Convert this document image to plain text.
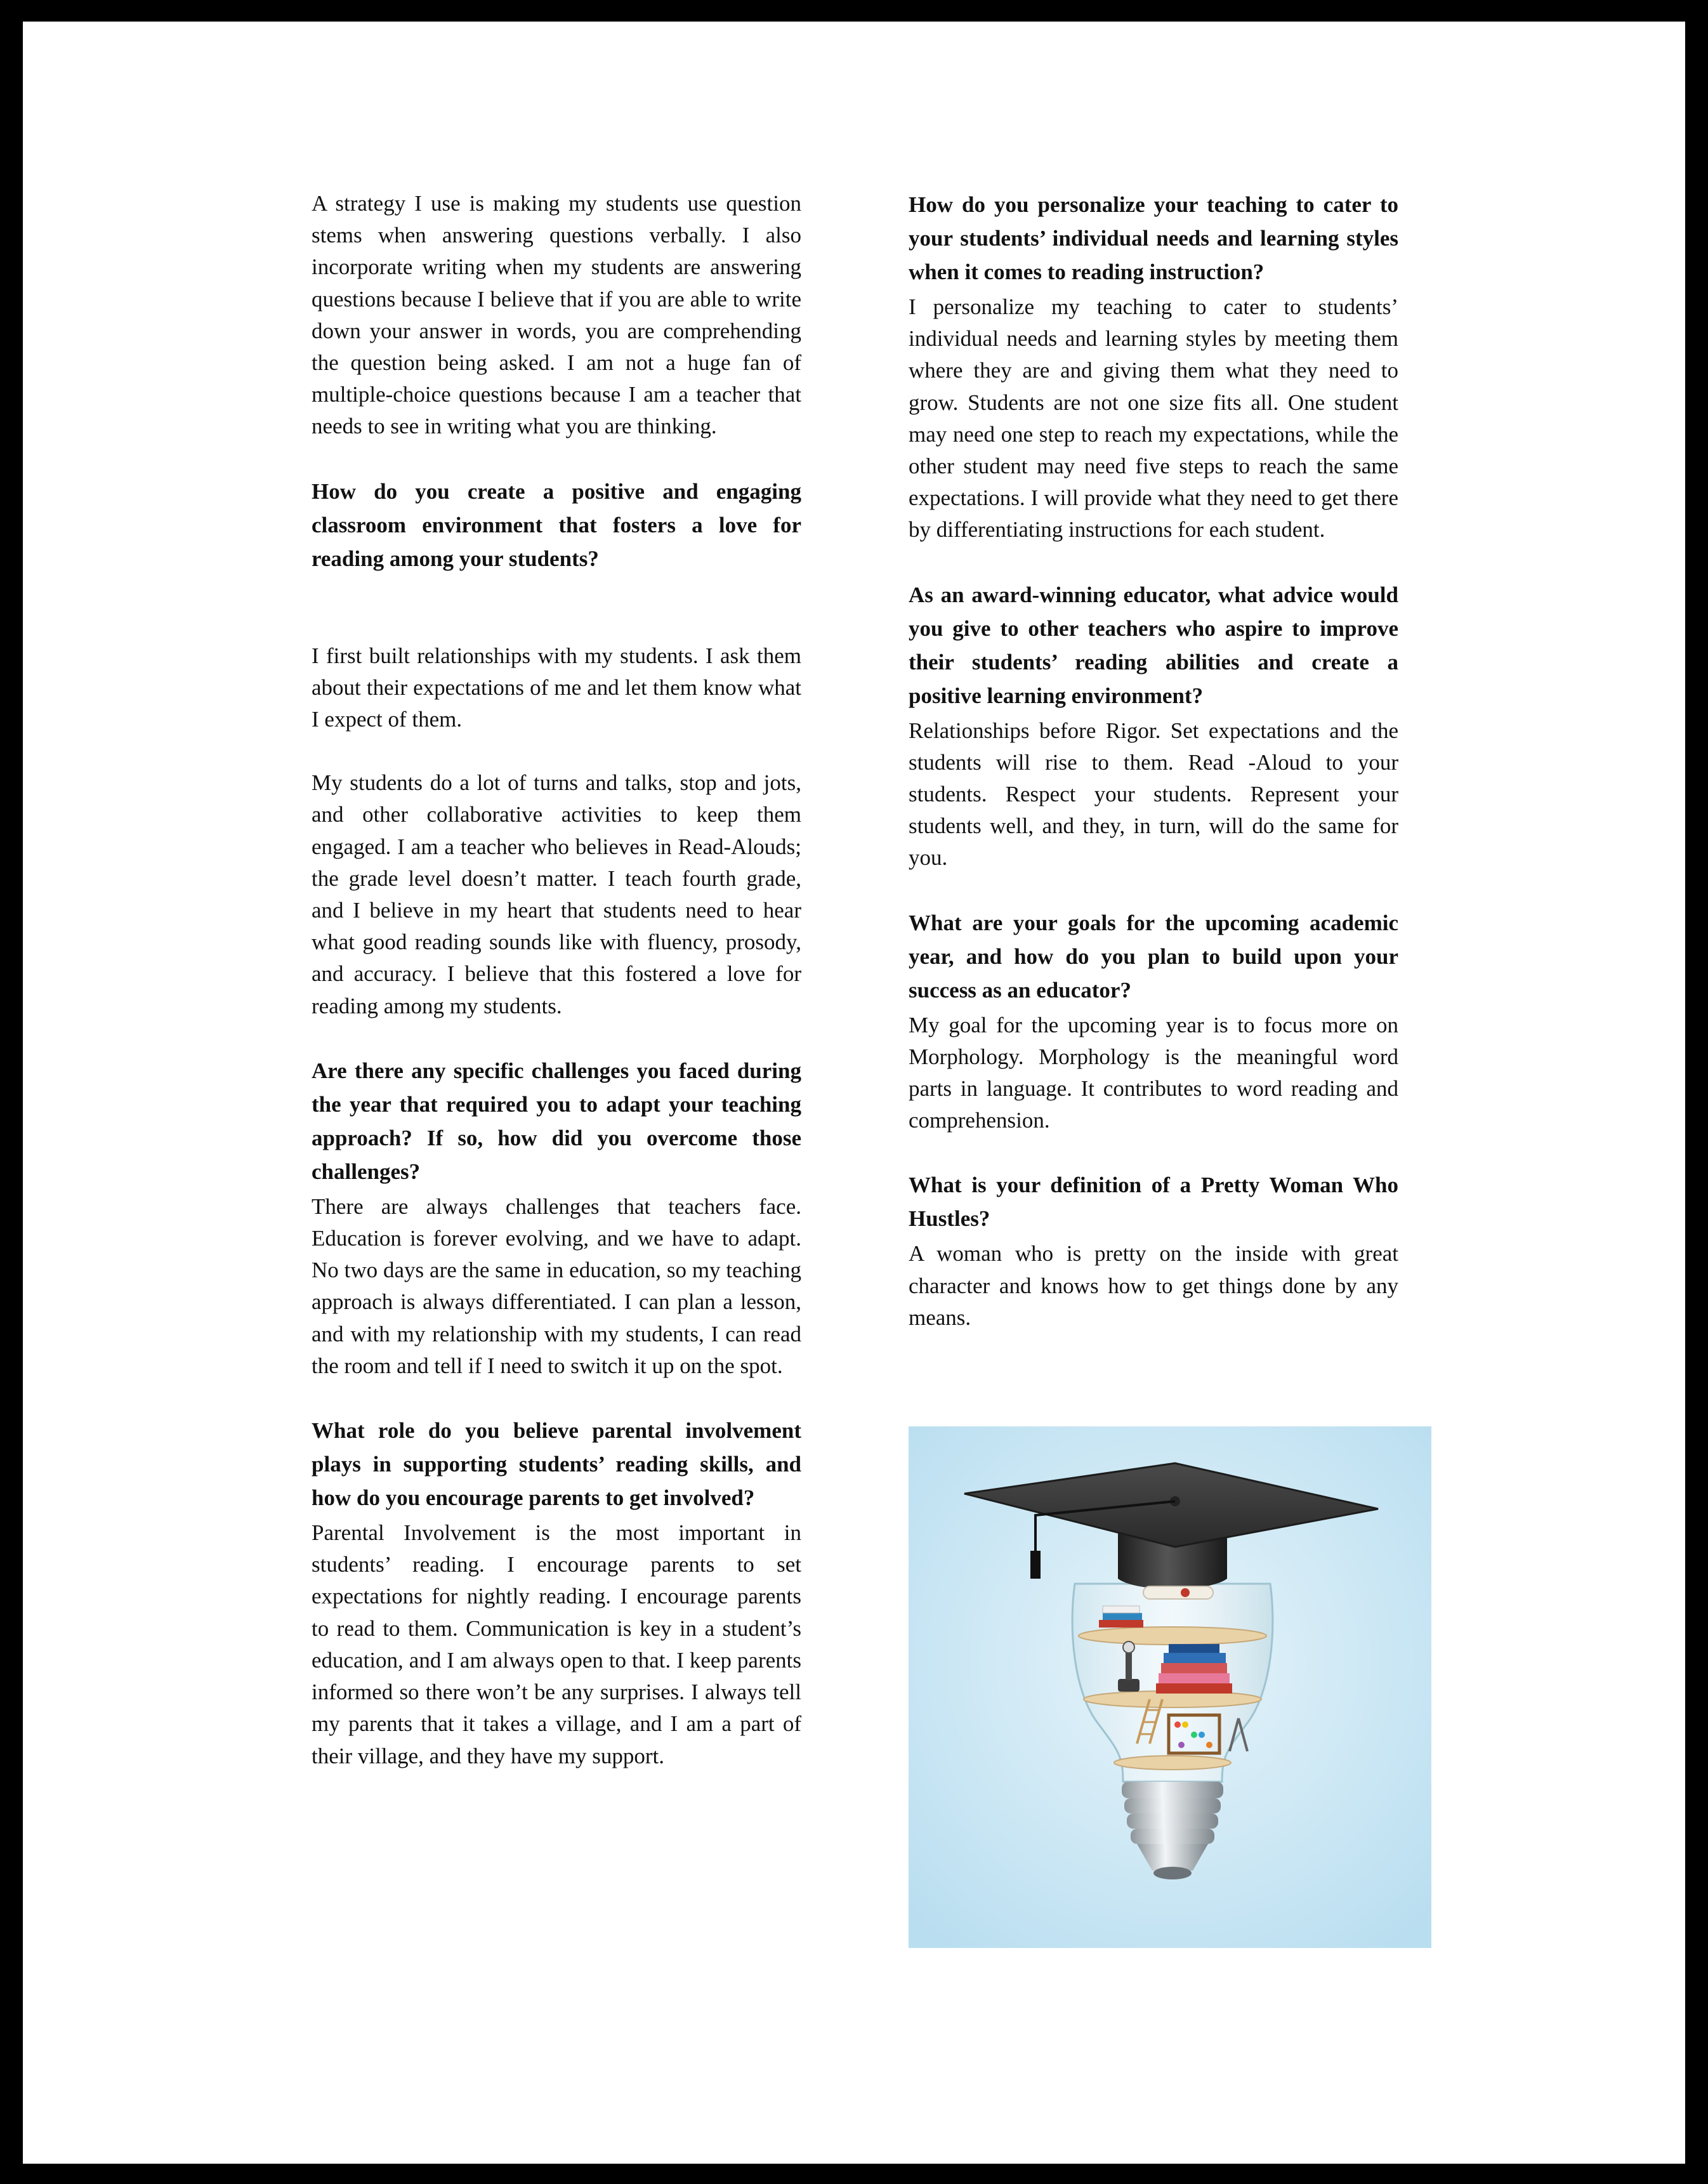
A strategy I use is making my students use question stems when answering questions verbally. I also incorporate writing when my students are answering questions because I believe that if you are able to write down your answer in words, you are comprehending the question being asked. I am not a huge fan of multiple-choice questions because I am a teacher that needs to see in writing what you are thinking.

How do you create a positive and engaging classroom environment that fosters a love for reading among your students?

I first built relationships with my students. I ask them about their expectations of me and let them know what I expect of them.

My students do a lot of turns and talks, stop and jots, and other collaborative activities to keep them engaged. I am a teacher who believes in Read-Alouds; the grade level doesn’t matter. I teach fourth grade, and I believe in my heart that students need to hear what good reading sounds like with fluency, prosody, and accuracy. I believe that this fostered a love for reading among my students.

Are there any specific challenges you faced during the year that required you to adapt your teaching approach? If so, how did you overcome those challenges?

There are always challenges that teachers face. Education is forever evolving, and we have to adapt. No two days are the same in education, so my teaching approach is always differentiated. I can plan a lesson, and with my relationship with my students, I can read the room and tell if I need to switch it up on the spot.

What role do you believe parental involvement plays in supporting students’ reading skills, and how do you encourage parents to get involved?

Parental Involvement is the most important in students’ reading. I encourage parents to set expectations for nightly reading. I encourage parents to read to them. Communication is key in a student’s education, and I am always open to that. I keep parents informed so there won’t be any surprises. I always tell my parents that it takes a village, and I am a part of their village, and they have my support.

How do you personalize your teaching to cater to your students’ individual needs and learning styles when it comes to reading instruction?

I personalize my teaching to cater to students’ individual needs and learning styles by meeting them where they are and giving them what they need to grow. Students are not one size fits all. One student may need one step to reach my expectations, while the other student may need five steps to reach the same expectations. I will provide what they need to get there by differentiating instructions for each student.

As an award-winning educator, what advice would you give to other teachers who aspire to improve their students’ reading abilities and create a positive learning environment?

Relationships before Rigor. Set expectations and the students will rise to them. Read -Aloud to your students. Respect your students. Represent your students well, and they, in turn, will do the same for you.

What are your goals for the upcoming academic year, and how do you plan to build upon your success as an educator?

My goal for the upcoming year is to focus more on Morphology. Morphology is the meaningful word parts in language. It contributes to word reading and comprehension.

What is your definition of a Pretty Woman Who Hustles?

A woman who is pretty on the inside with great character and knows how to get things done by any means.
